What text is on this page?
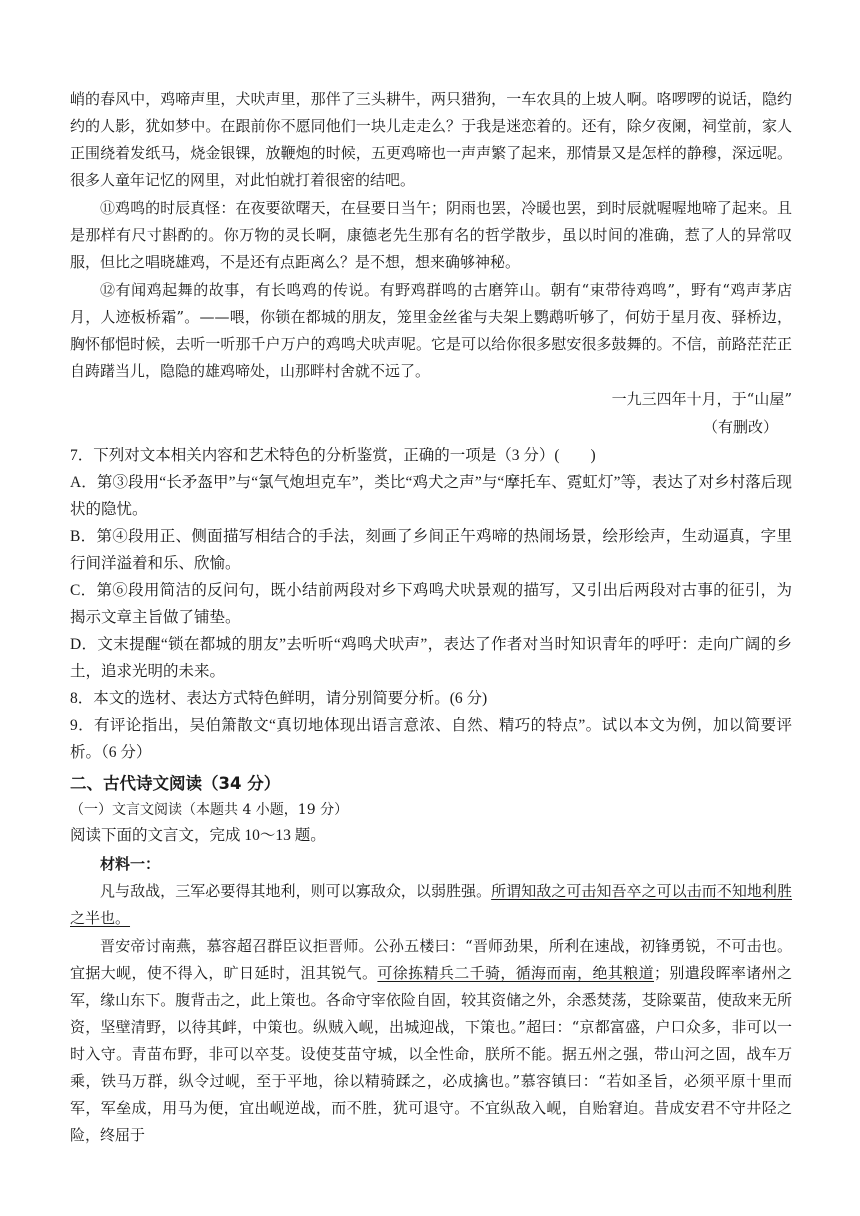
峭的春风中，鸡啼声里，犬吠声里，那伴了三头耕牛，两只猎狗，一车农具的上坡人啊。咯啰啰的说话，隐约约的人影，犹如梦中。在跟前你不愿同他们一块儿走走么？于我是迷恋着的。还有，除夕夜阑，祠堂前，家人正围绕着发纸马，烧金银锞，放鞭炮的时候，五更鸡啼也一声声繁了起来，那情景又是怎样的静穆，深远呢。很多人童年记忆的网里，对此怕就打着很密的结吧。

⑪鸡鸣的时辰真怪：在夜要欲曙天，在昼要日当午；阴雨也罢，冷暖也罢，到时辰就喔喔地啼了起来。且是那样有尺寸斟酌的。你万物的灵长啊，康德老先生那有名的哲学散步，虽以时间的准确，惹了人的异常叹服，但比之唱晓雄鸡，不是还有点距离么？是不想，想来确够神秘。

⑫有闻鸡起舞的故事，有长鸣鸡的传说。有野鸡群鸣的古磨笄山。朝有“束带待鸡鸣”，野有“鸡声茅店月，人迹板桥霜”。——喂，你锁在都城的朋友，笼里金丝雀与夫架上鹦鹉听够了，何妨于星月夜、驿桥边，胸怀郁悒时候，去听一听那千户万户的鸡鸣犬吠声呢。它是可以给你很多慰安很多鼓舞的。不信，前路茫茫正自踌躇当儿，隐隐的雄鸡啼处，山那畔村舍就不远了。

一九三四年十月，于“山屋”

（有删改）

7．下列对文本相关内容和艺术特色的分析鉴赏，正确的一项是（3 分）(　　)

A．第③段用“长矛盔甲”与“氯气炮坦克车”，类比“鸡犬之声”与“摩托车、霓虹灯”等，表达了对乡村落后现状的隐忧。

B．第④段用正、侧面描写相结合的手法，刻画了乡间正午鸡啼的热闹场景，绘形绘声，生动逼真，字里行间洋溢着和乐、欣愉。

C．第⑥段用简洁的反问句，既小结前两段对乡下鸡鸣犬吠景观的描写，又引出后两段对古事的征引，为揭示文章主旨做了铺垫。

D．文末提醒“锁在都城的朋友”去听听“鸡鸣犬吠声”，表达了作者对当时知识青年的呼吁：走向广阔的乡土，追求光明的未来。

8．本文的选材、表达方式特色鲜明，请分别简要分析。(6 分)

9．有评论指出，吴伯箫散文“真切地体现出语言意浓、自然、精巧的特点”。试以本文为例，加以简要评析。（6 分）

二、古代诗文阅读（34 分）

（一）文言文阅读（本题共 4 小题，19 分）

阅读下面的文言文，完成 10～13 题。

材料一：

凡与敌战，三军必要得其地利，则可以寡敌众，以弱胜强。所谓知敌之可击知吾卒之可以击而不知地利胜之半也。

晋安帝讨南燕，慕容超召群臣议拒晋师。公孙五楼曰：“晋师劲果，所利在速战，初锋勇锐，不可击也。宜据大岘，使不得入，旷日延时，沮其锐气。可徐拣精兵二千骑，循海而南，绝其粮道；别遣段晖率诸州之军，缘山东下。腹背击之，此上策也。各命守宰依险自固，较其资储之外，余悉焚荡，芟除粟苗，使敌来无所资，坚壁清野，以待其衅，中策也。纵贼入岘，出城迎战，下策也。”超曰：“京都富盛，户口众多，非可以一时入守。青苗布野，非可以卒芟。设使芟苗守城，以全性命，朕所不能。据五州之强，带山河之固，战车万乘，铁马万群，纵令过岘，至于平地，徐以精骑蹂之，必成擒也。”慕容镇曰：“若如圣旨，必须平原十里而军，军垒成，用马为便，宜出岘逆战，而不胜，犹可退守。不宜纵敌入岘，自贻窘迫。昔成安君不守井陉之险，终屈于
